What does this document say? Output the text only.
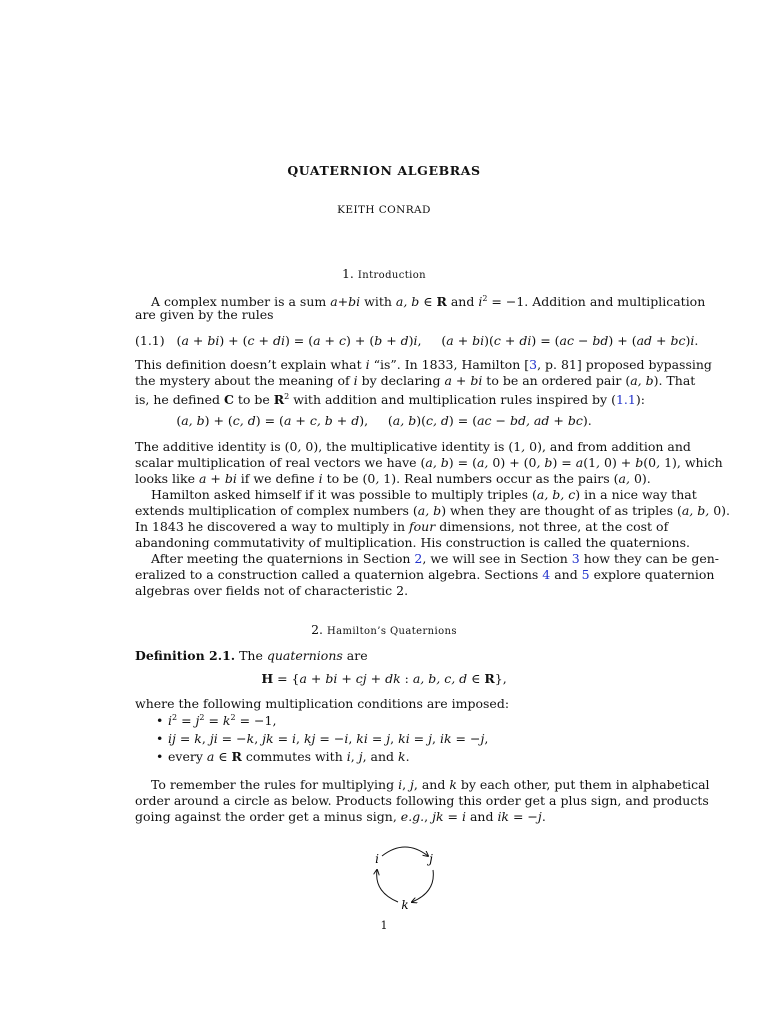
QUATERNION ALGEBRAS
KEITH CONRAD
1. Introduction
A complex number is a sum a+bi with a, b ∈ R and $i^2 = -1$. Addition and multiplication
are given by the rules
(1.1)   (a + bi) + (c + di) = (a + c) + (b + d)i,     (a + bi)(c + di) = (ac − bd) + (ad + bc)i.
This definition doesn’t explain what i “is”. In 1833, Hamilton [3, p. 81] proposed bypassing
the mystery about the meaning of i by declaring a + bi to be an ordered pair (a, b). That
is, he defined C to be $R^2$ with addition and multiplication rules inspired by (1.1):
(a, b) + (c, d) = (a + c, b + d),     (a, b)(c, d) = (ac − bd, ad + bc).
The additive identity is (0, 0), the multiplicative identity is (1, 0), and from addition and
scalar multiplication of real vectors we have (a, b) = (a, 0) + (0, b) = a(1, 0) + b(0, 1), which
looks like a + bi if we define i to be (0, 1). Real numbers occur as the pairs (a, 0).
Hamilton asked himself if it was possible to multiply triples (a, b, c) in a nice way that
extends multiplication of complex numbers (a, b) when they are thought of as triples (a, b, 0).
In 1843 he discovered a way to multiply in four dimensions, not three, at the cost of
abandoning commutativity of multiplication. His construction is called the quaternions.
After meeting the quaternions in Section 2, we will see in Section 3 how they can be gen-
eralized to a construction called a quaternion algebra. Sections 4 and 5 explore quaternion
algebras over fields not of characteristic 2.
2. Hamilton’s Quaternions
Definition 2.1. The quaternions are
H = {a + bi + cj + dk : a, b, c, d ∈ R},
where the following multiplication conditions are imposed:
• $i^2 = j^2 = k^2 = -1$,
• ij = k, ji = −k, jk = i, kj = −i, ki = j, ki = j, ik = −j,
• every a ∈ R commutes with i, j, and k.
To remember the rules for multiplying i, j, and k by each other, put them in alphabetical
order around a circle as below. Products following this order get a plus sign, and products
going against the order get a minus sign, e.g., jk = i and ik = −j.
i	j
k
1
